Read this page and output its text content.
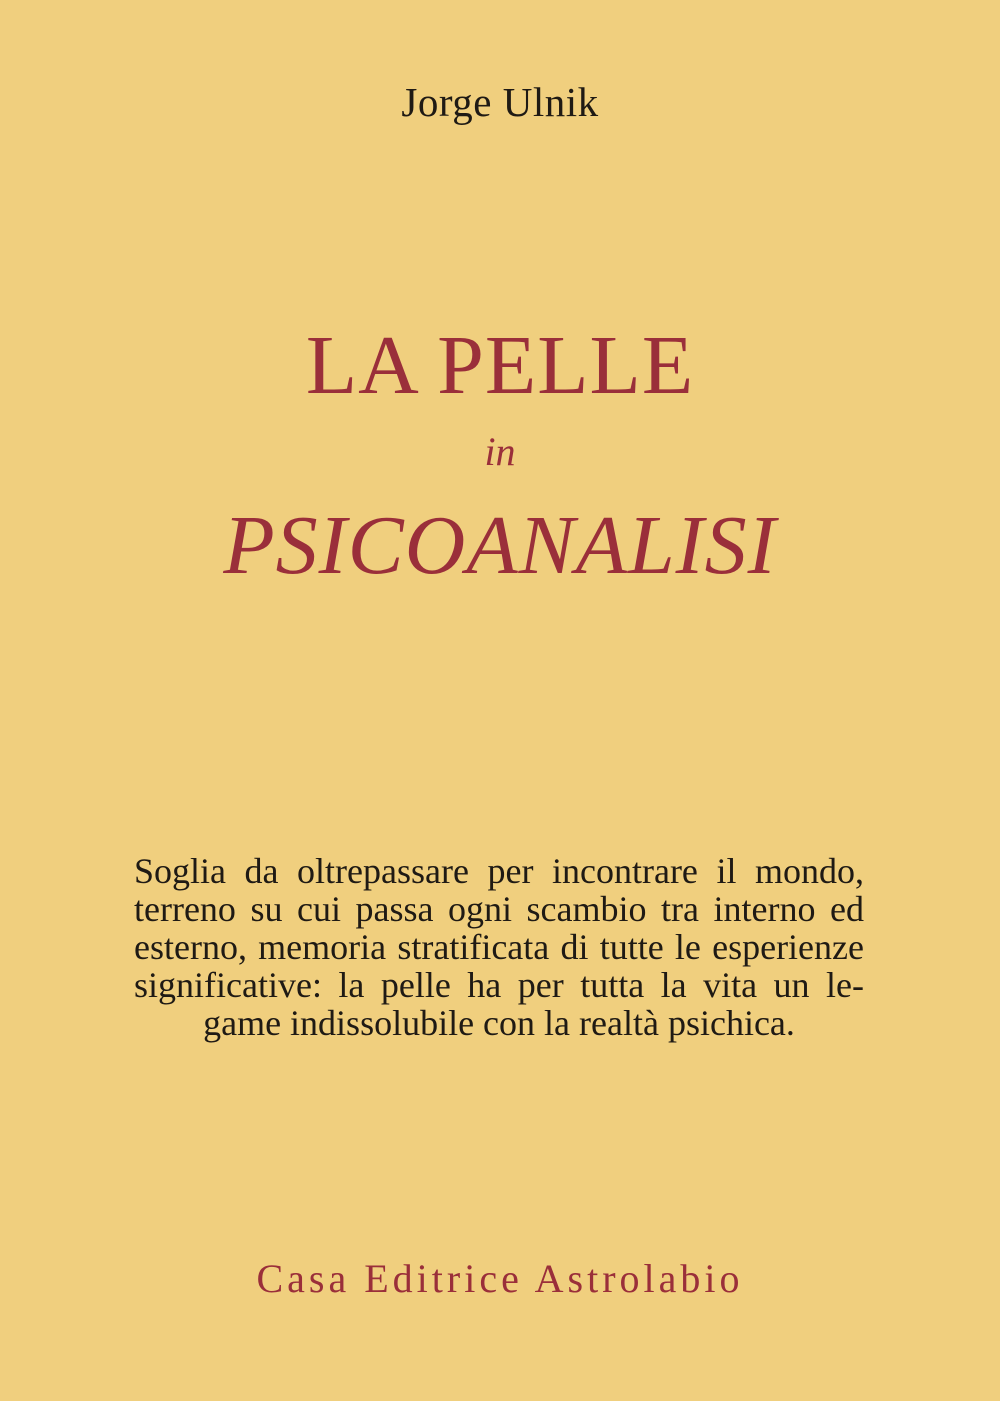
Jorge Ulnik
LA PELLE
in
PSICOANALISI
Soglia da oltrepassare per incontrare il mondo,
terreno su cui passa ogni scambio tra interno ed
esterno, memoria stratificata di tutte le esperienze
significative: la pelle ha per tutta la vita un le-
game indissolubile con la realtà psichica.
Casa Editrice Astrolabio
